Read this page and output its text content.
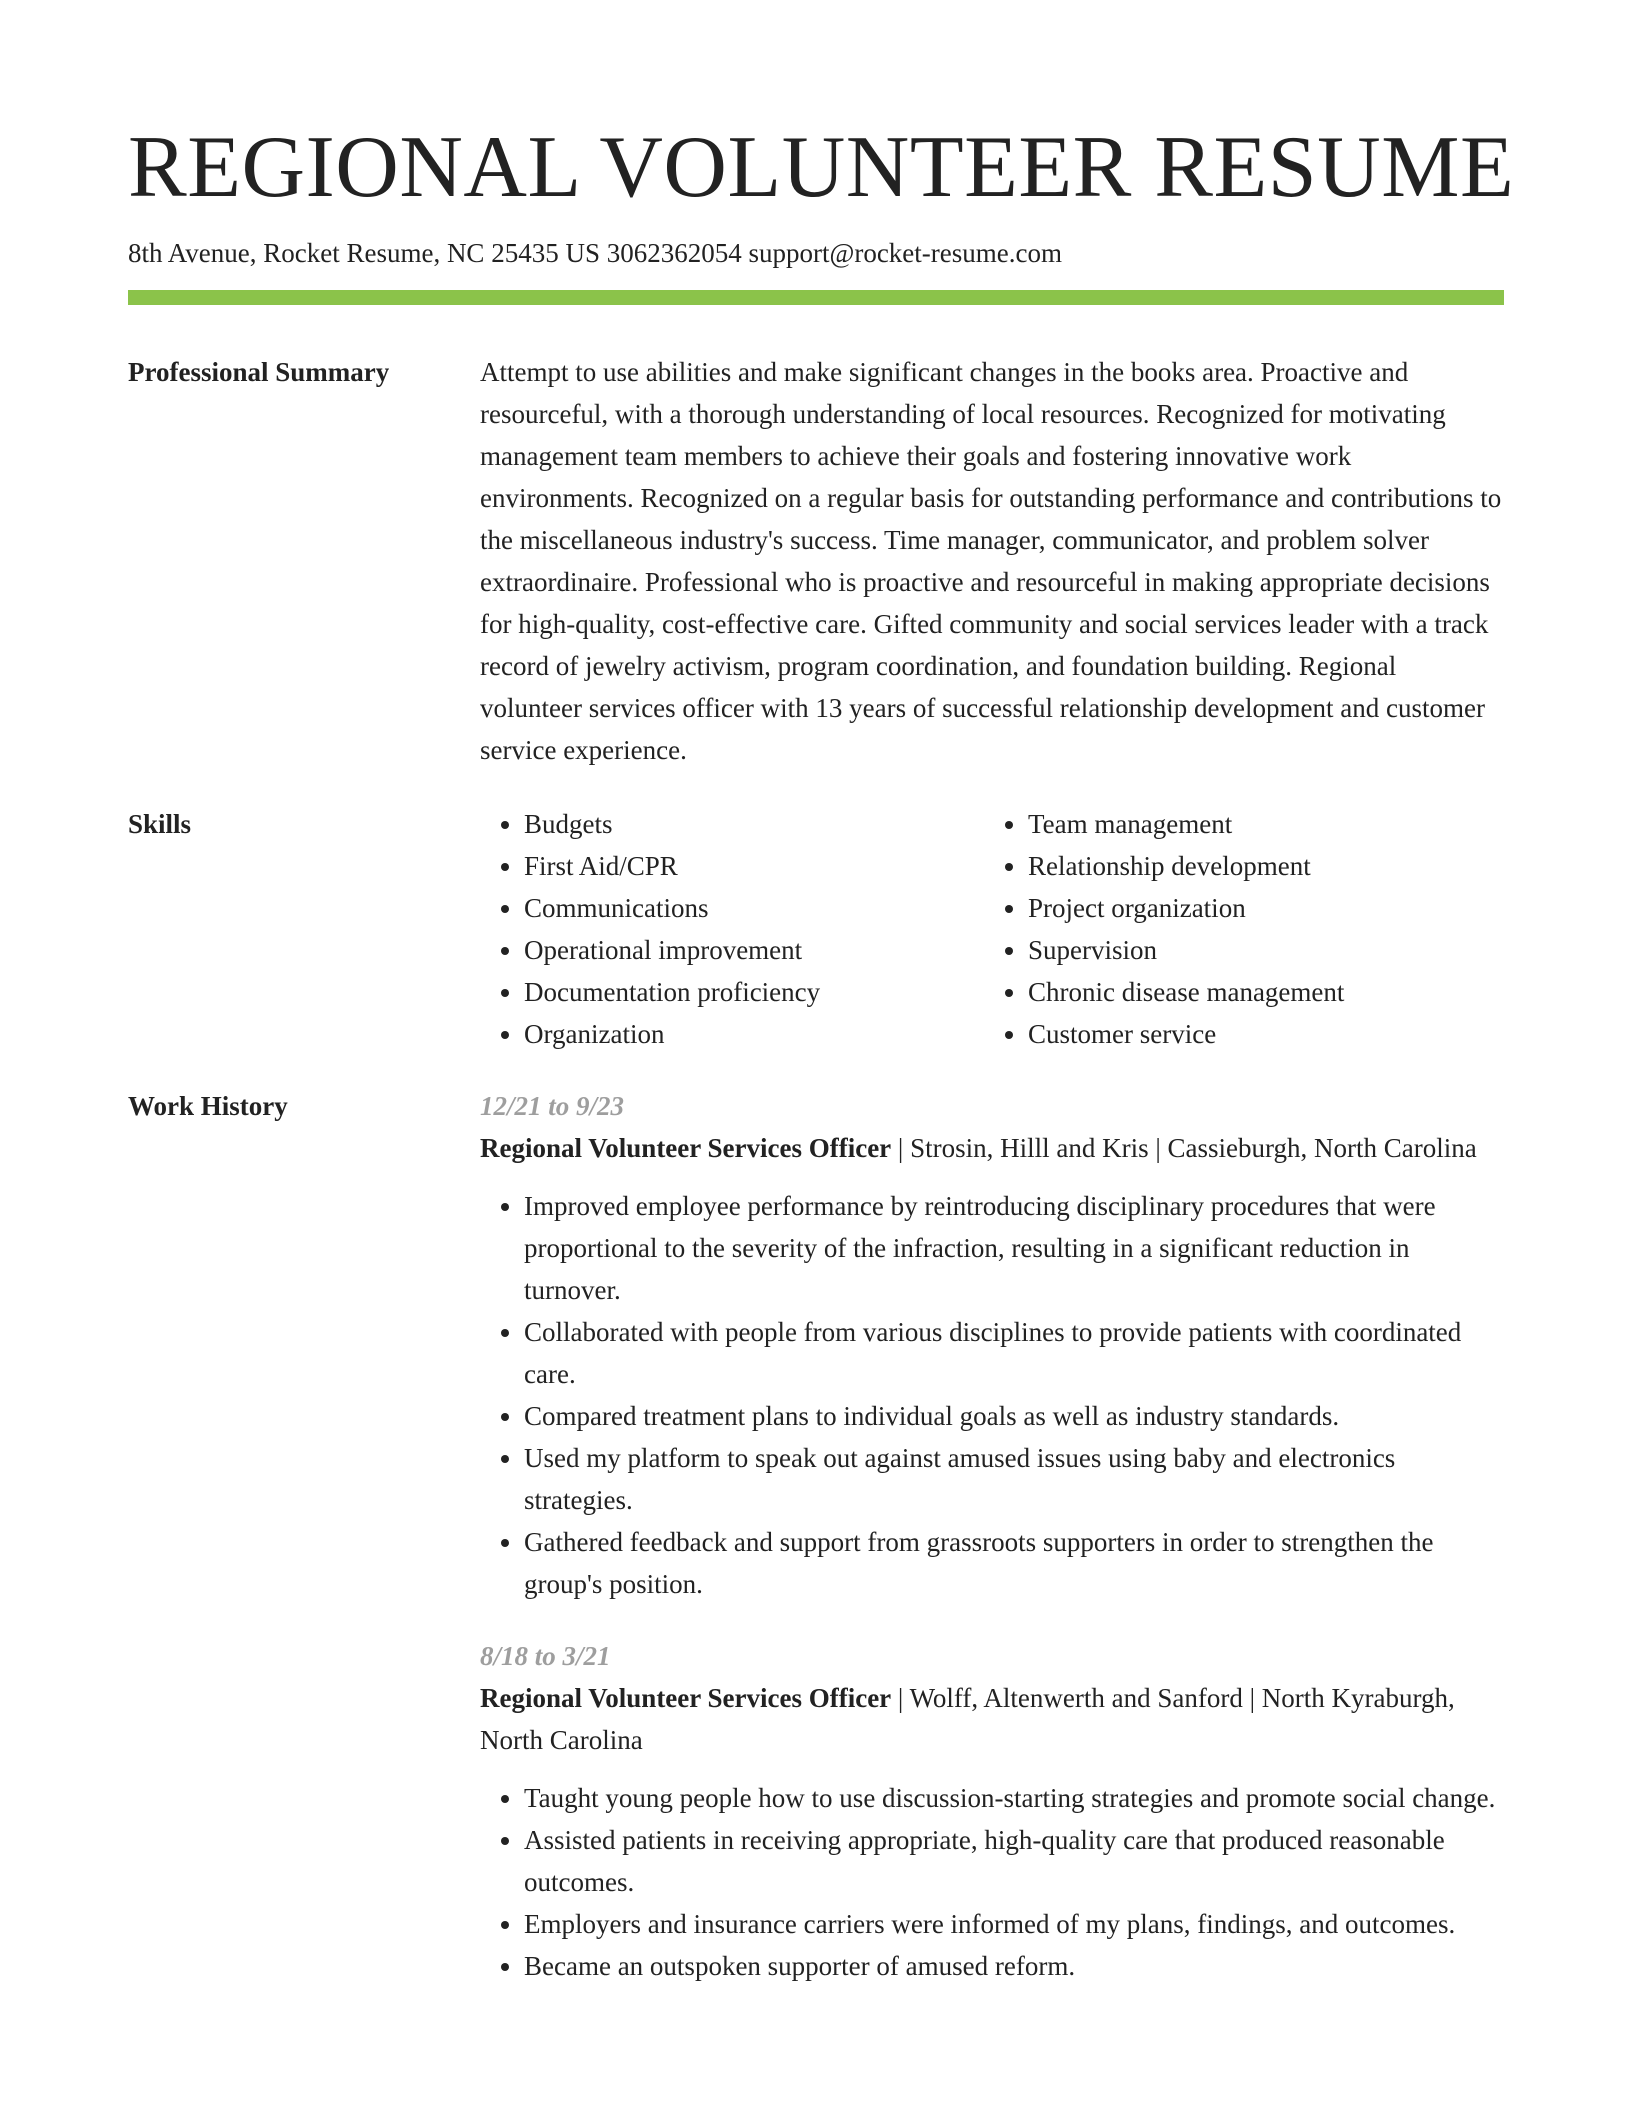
REGIONAL VOLUNTEER RESUME
8th Avenue, Rocket Resume, NC 25435 US 3062362054 support@rocket-resume.com
Professional Summary	Attempt to use abilities and make significant changes in the books area. Proactive and resourceful, with a thorough understanding of local resources. Recognized for motivating management team members to achieve their goals and fostering innovative work environments. Recognized on a regular basis for outstanding performance and contributions to the miscellaneous industry's success. Time manager, communicator, and problem solver extraordinaire. Professional who is proactive and resourceful in making appropriate decisions for high-quality, cost-effective care. Gifted community and social services leader with a track record of jewelry activism, program coordination, and foundation building. Regional volunteer services officer with 13 years of successful relationship development and customer service experience.

Skills
•	Budgets
• First Aid/CPR
• Communications
• Operational improvement
• Documentation proficiency
• Organization
• Team management
• Relationship development
• Project organization
• Supervision
• Chronic disease management
• Customer service
Work History	12/21 to 9/23
Regional Volunteer Services Officer | Strosin, Hilll and Kris | Cassieburgh, North Carolina
• Improved employee performance by reintroducing disciplinary procedures that were proportional to the severity of the infraction, resulting in a significant reduction in turnover.
• Collaborated with people from various disciplines to provide patients with coordinated care.
• Compared treatment plans to individual goals as well as industry standards.
• Used my platform to speak out against amused issues using baby and electronics strategies.
• Gathered feedback and support from grassroots supporters in order to strengthen the group's position.
8/18 to 3/21
Regional Volunteer Services Officer | Wolff, Altenwerth and Sanford | North Kyraburgh, North Carolina
• Taught young people how to use discussion-starting strategies and promote social change.
• Assisted patients in receiving appropriate, high-quality care that produced reasonable outcomes.
• Employers and insurance carriers were informed of my plans, findings, and outcomes.
• Became an outspoken supporter of amused reform.
